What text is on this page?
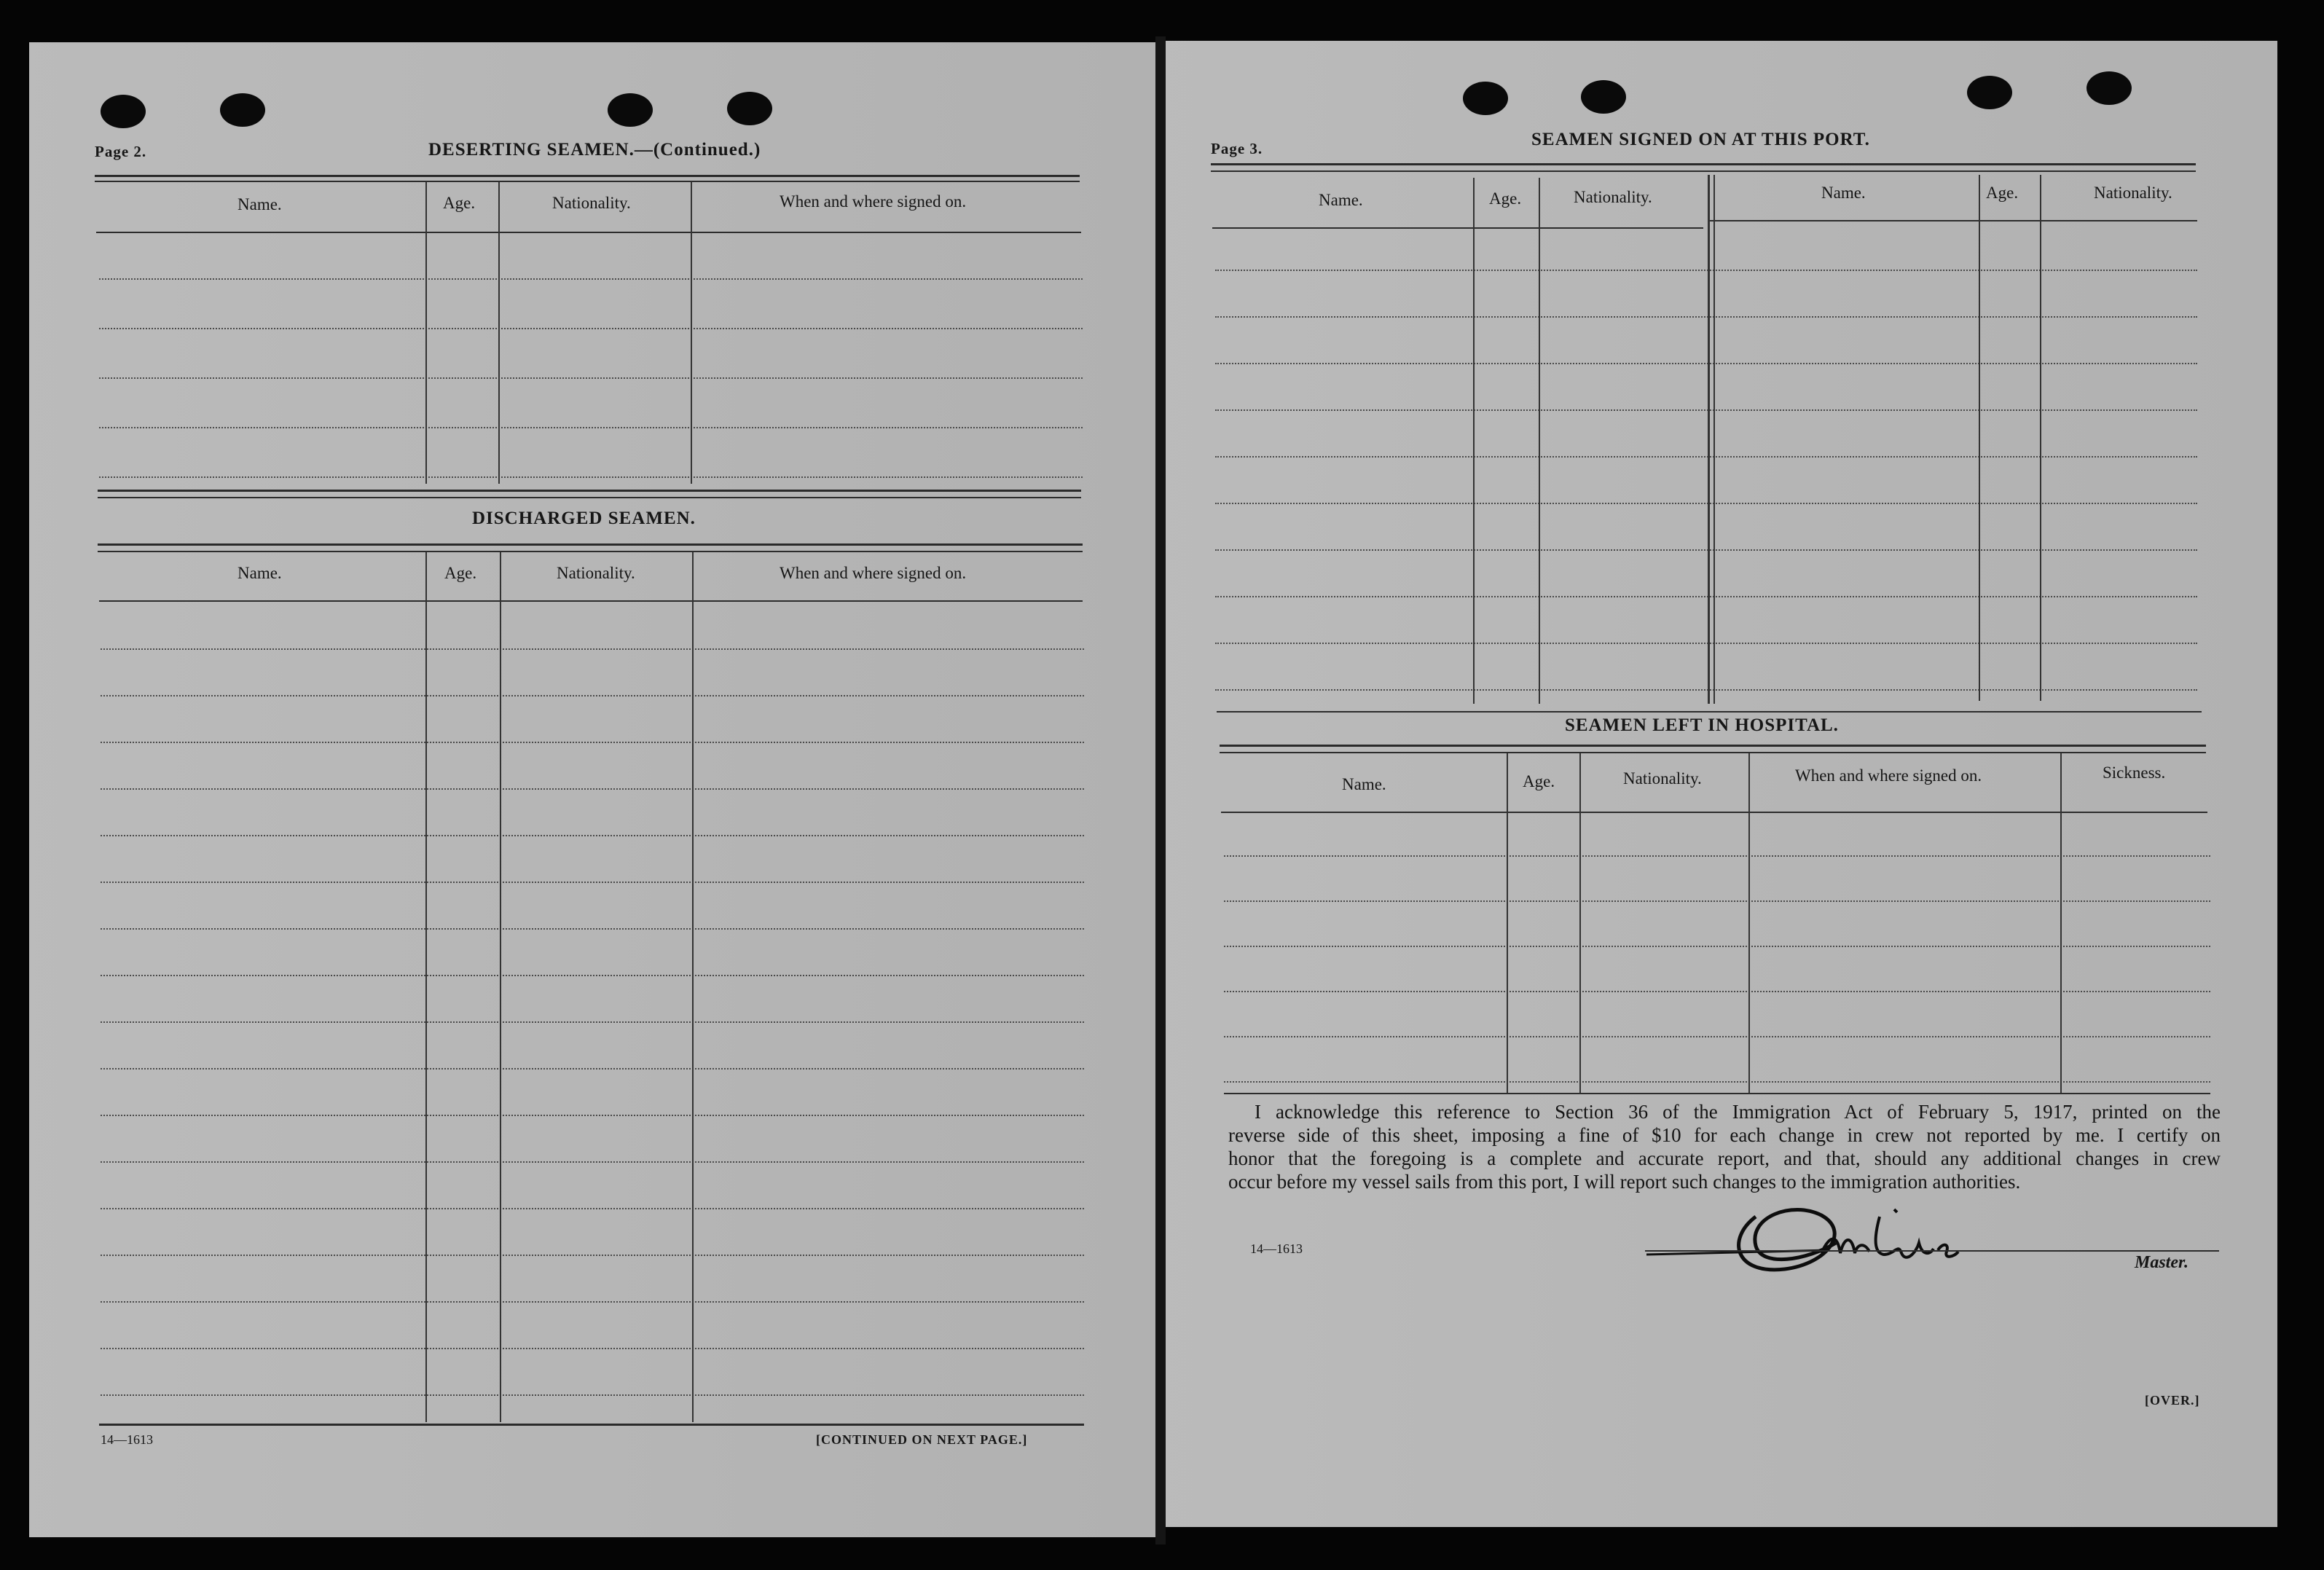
Page 2.	DESERTING SEAMEN.—(Continued.)
Name.	Age.	Nationality.	When and where signed on.
DISCHARGED SEAMEN.
Name.	Age.	Nationality.	When and where signed on.
14—1613	[CONTINUED ON NEXT PAGE.]
Page 3.	SEAMEN SIGNED ON AT THIS PORT.
Name.	Age.	Nationality.	Name.	Age.	Nationality.
SEAMEN LEFT IN HOSPITAL.
Name.	Age.	Nationality.	When and where signed on.	Sickness.
I acknowledge this reference to Section 36 of the Immigration Act of February 5, 1917, printed on the
reverse side of this sheet, imposing a fine of $10 for each change in crew not reported by me. I certify on
honor that the foregoing is a complete and accurate report, and that, should any additional changes in crew
occur before my vessel sails from this port, I will report such changes to the immigration authorities.
14—1613
Master.
[OVER.]
